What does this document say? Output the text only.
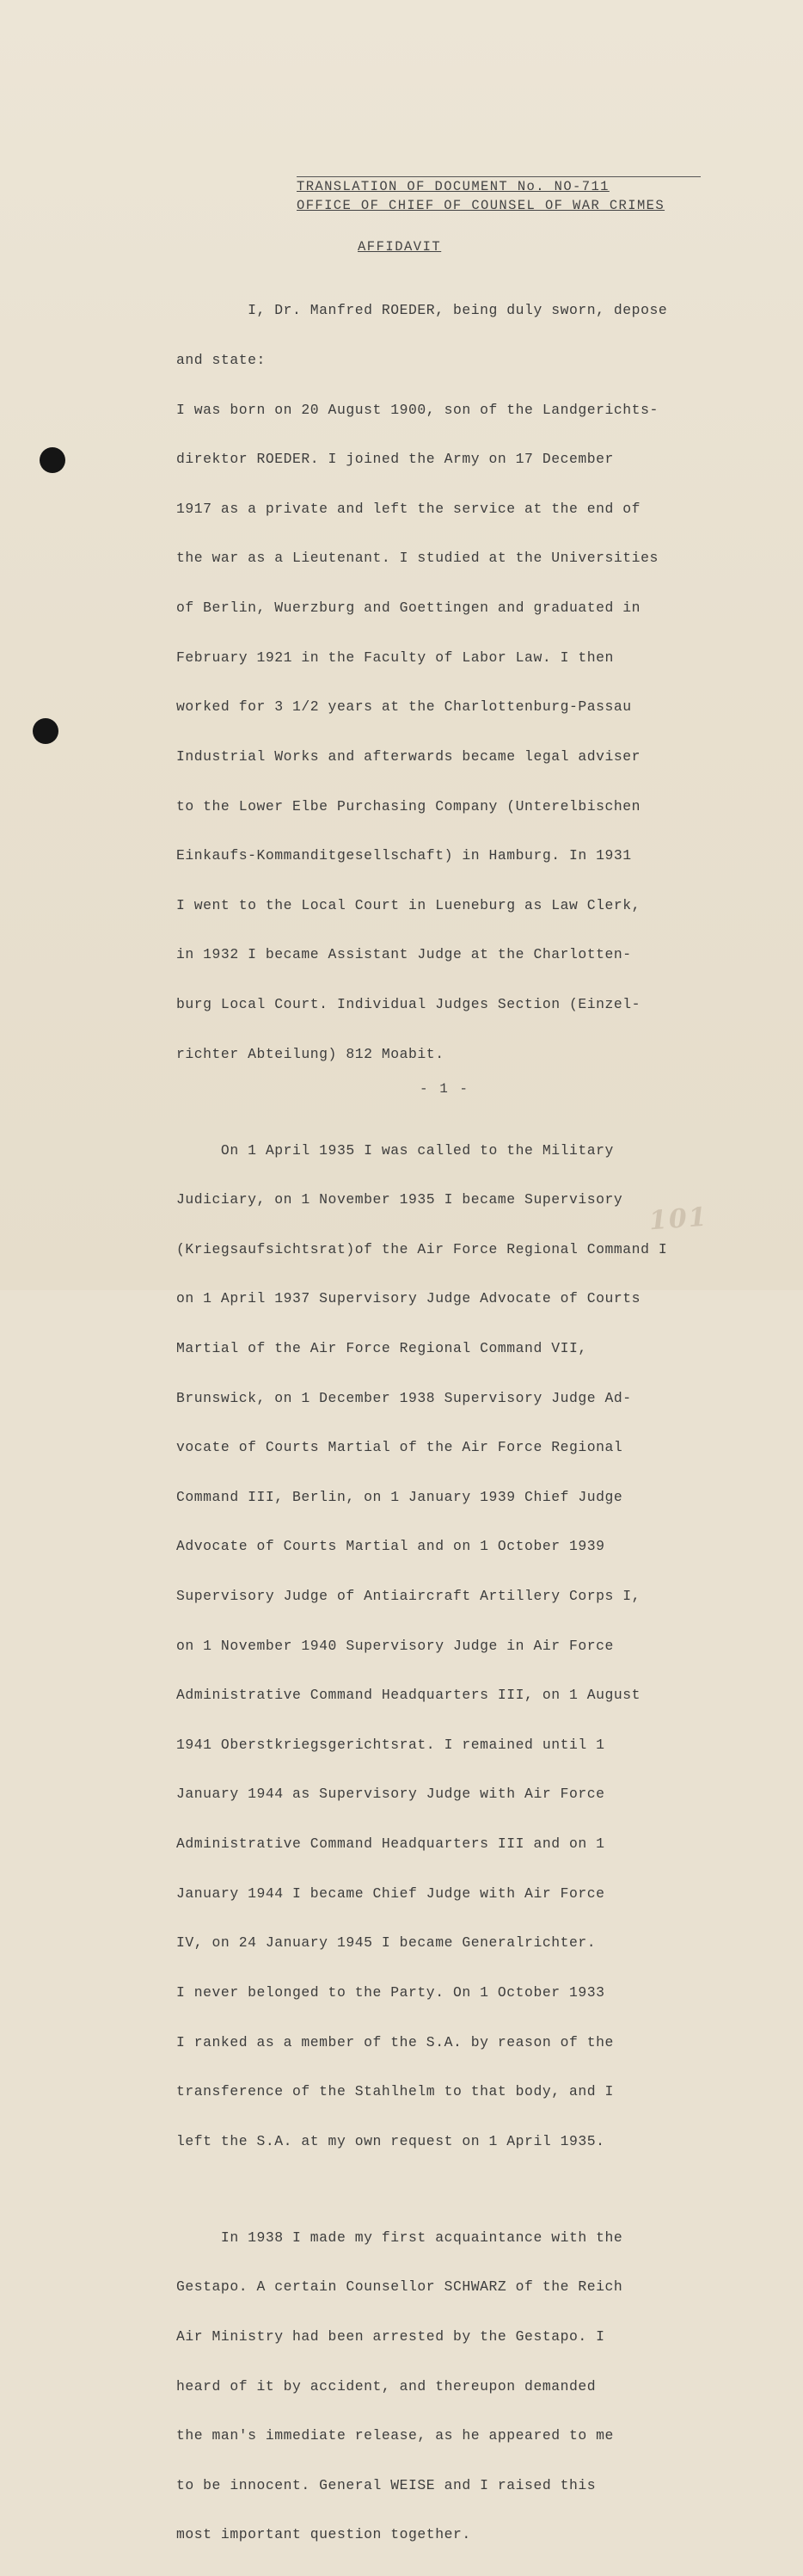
TRANSLATION OF DOCUMENT No. NO-711
OFFICE OF CHIEF OF COUNSEL OF WAR CRIMES
AFFIDAVIT

I, Dr. Manfred ROEDER, being duly sworn, depose

and state:

I was born on 20 August 1900, son of the Landgerichts-

direktor ROEDER. I joined the Army on 17 December

1917 as a private and left the service at the end of

the war as a Lieutenant. I studied at the Universities

of Berlin, Wuerzburg and Goettingen and graduated in

February 1921 in the Faculty of Labor Law. I then

worked for 3 1/2 years at the Charlottenburg-Passau

Industrial Works and afterwards became legal adviser

to the Lower Elbe Purchasing Company (Unterelbischen

Einkaufs-Kommanditgesellschaft) in Hamburg. In 1931

I went to the Local Court in Lueneburg as Law Clerk,

in 1932 I became Assistant Judge at the Charlotten-

burg Local Court. Individual Judges Section (Einzel-

richter Abteilung) 812 Moabit.

On 1 April 1935 I was called to the Military

Judiciary, on 1 November 1935 I became Supervisory

(Kriegsaufsichtsrat)of the Air Force Regional Command I

on 1 April 1937 Supervisory Judge Advocate of Courts

Martial of the Air Force Regional Command VII,

Brunswick, on 1 December 1938 Supervisory Judge Ad-

vocate of Courts Martial of the Air Force Regional

Command III, Berlin, on 1 January 1939 Chief Judge

Advocate of Courts Martial and on 1 October 1939

Supervisory Judge of Antiaircraft Artillery Corps I,

on 1 November 1940 Supervisory Judge in Air Force

Administrative Command Headquarters III, on 1 August

1941 Oberstkriegsgerichtsrat. I remained until 1

January 1944 as Supervisory Judge with Air Force

Administrative Command Headquarters III and on 1

January 1944 I became Chief Judge with Air Force

IV, on 24 January 1945 I became Generalrichter.

I never belonged to the Party. On 1 October 1933

I ranked as a member of the S.A. by reason of the

transference of the Stahlhelm to that body, and I

left the S.A. at my own request on 1 April 1935.

In 1938 I made my first acquaintance with the

Gestapo. A certain Counsellor SCHWARZ of the Reich

Air Ministry had been arrested by the Gestapo. I

heard of it by accident, and thereupon demanded

the man's immediate release, as he appeared to me

to be innocent. General WEISE and I raised this

most important question together.

- 1 -
101
